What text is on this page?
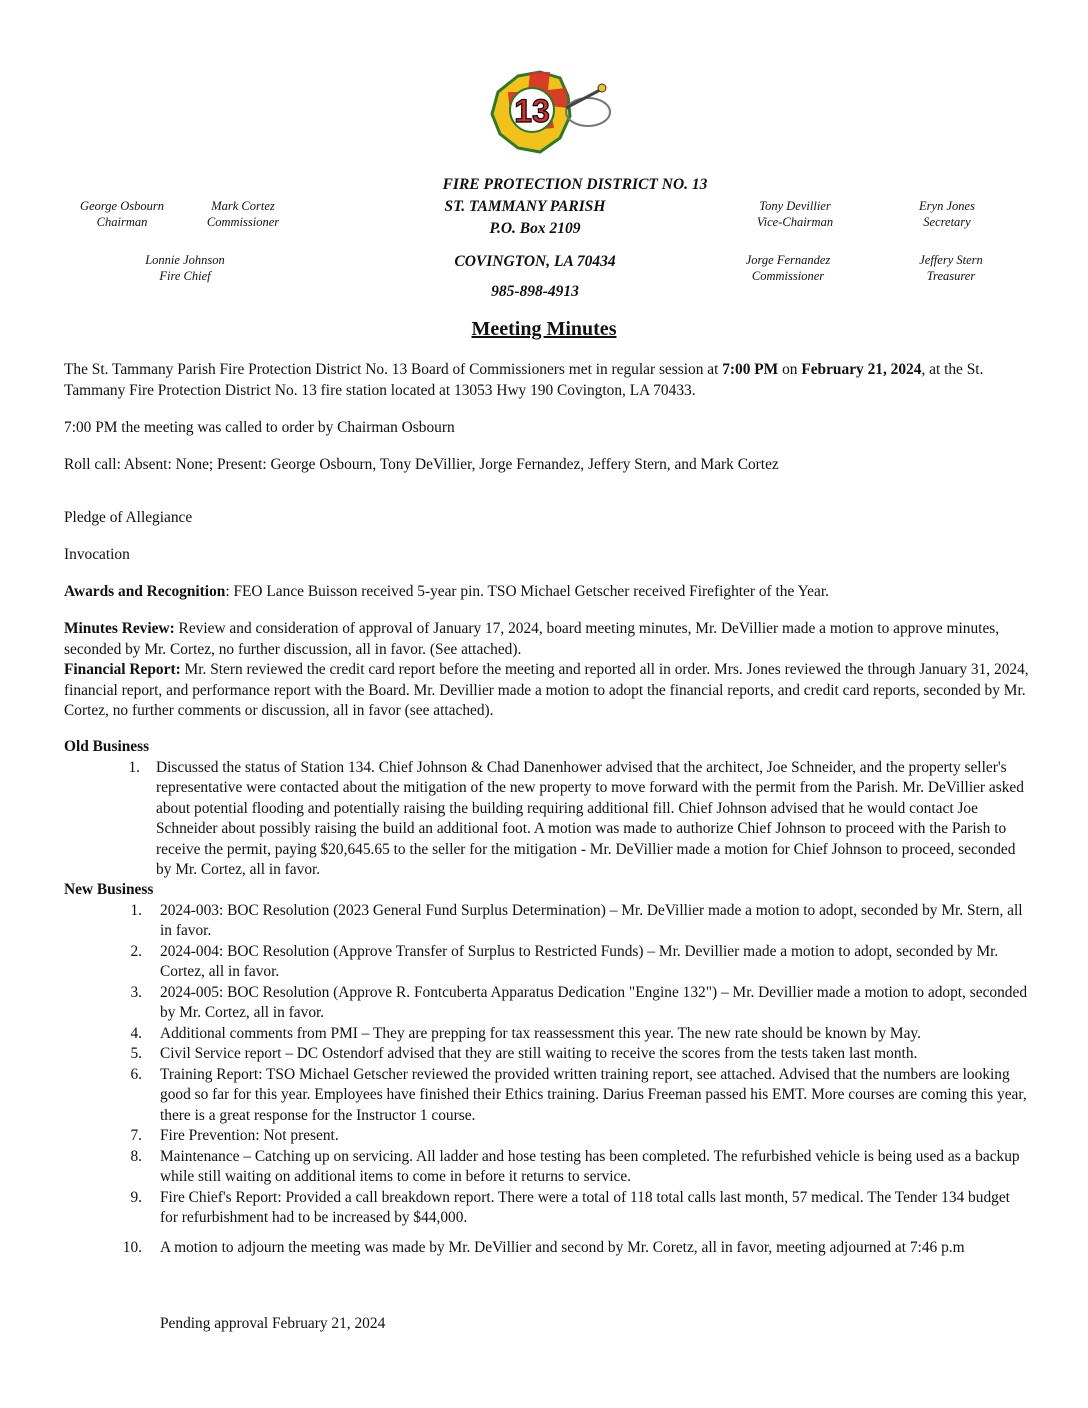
13
FIRE PROTECTION DISTRICT NO. 13
ST. TAMMANY PARISH
P.O. Box 2109
COVINGTON, LA 70434
985-898-4913
George Osbourn
Chairman
Mark Cortez
Commissioner
Lonnie Johnson
Fire Chief
Tony Devillier
Vice-Chairman
Eryn Jones
Secretary
Jorge Fernandez
Commissioner
Jeffery Stern
Treasurer
Meeting Minutes

The St. Tammany Parish Fire Protection District No. 13 Board of Commissioners met in regular session at 7:00 PM on February 21, 2024, at the St. Tammany Fire Protection District No. 13 fire station located at 13053 Hwy 190 Covington, LA 70433.

7:00 PM the meeting was called to order by Chairman Osbourn

Roll call: Absent: None; Present: George Osbourn, Tony DeVillier, Jorge Fernandez, Jeffery Stern, and Mark Cortez

Pledge of Allegiance

Invocation

Awards and Recognition: FEO Lance Buisson received 5-year pin. TSO Michael Getscher received Firefighter of the Year.

Minutes Review: Review and consideration of approval of January 17, 2024, board meeting minutes, Mr. DeVillier made a motion to approve minutes, seconded by Mr. Cortez, no further discussion, all in favor. (See attached).

Financial Report: Mr. Stern reviewed the credit card report before the meeting and reported all in order. Mrs. Jones reviewed the through January 31, 2024, financial report, and performance report with the Board. Mr. Devillier made a motion to adopt the financial reports, and credit card reports, seconded by Mr. Cortez, no further comments or discussion, all in favor (see attached).

Old Business
1. Discussed the status of Station 134. Chief Johnson & Chad Danenhower advised that the architect, Joe Schneider, and the property seller's representative were contacted about the mitigation of the new property to move forward with the permit from the Parish. Mr. DeVillier asked about potential flooding and potentially raising the building requiring additional fill. Chief Johnson advised that he would contact Joe Schneider about possibly raising the build an additional foot. A motion was made to authorize Chief Johnson to proceed with the Parish to receive the permit, paying $20,645.65 to the seller for the mitigation - Mr. DeVillier made a motion for Chief Johnson to proceed, seconded by Mr. Cortez, all in favor.
New Business
1. 2024-003: BOC Resolution (2023 General Fund Surplus Determination) – Mr. DeVillier made a motion to adopt, seconded by Mr. Stern, all in favor.
2. 2024-004: BOC Resolution (Approve Transfer of Surplus to Restricted Funds) – Mr. Devillier made a motion to adopt, seconded by Mr. Cortez, all in favor.
3. 2024-005: BOC Resolution (Approve R. Fontcuberta Apparatus Dedication "Engine 132") – Mr. Devillier made a motion to adopt, seconded by Mr. Cortez, all in favor.
4. Additional comments from PMI – They are prepping for tax reassessment this year. The new rate should be known by May.
5. Civil Service report – DC Ostendorf advised that they are still waiting to receive the scores from the tests taken last month.
6. Training Report: TSO Michael Getscher reviewed the provided written training report, see attached. Advised that the numbers are looking good so far for this year. Employees have finished their Ethics training. Darius Freeman passed his EMT. More courses are coming this year, there is a great response for the Instructor 1 course.
7. Fire Prevention: Not present.
8. Maintenance – Catching up on servicing. All ladder and hose testing has been completed. The refurbished vehicle is being used as a backup while still waiting on additional items to come in before it returns to service.
9. Fire Chief's Report: Provided a call breakdown report. There were a total of 118 total calls last month, 57 medical. The Tender 134 budget for refurbishment had to be increased by $44,000.
10. A motion to adjourn the meeting was made by Mr. DeVillier and second by Mr. Coretz, all in favor, meeting adjourned at 7:46 p.m

Pending approval February 21, 2024
